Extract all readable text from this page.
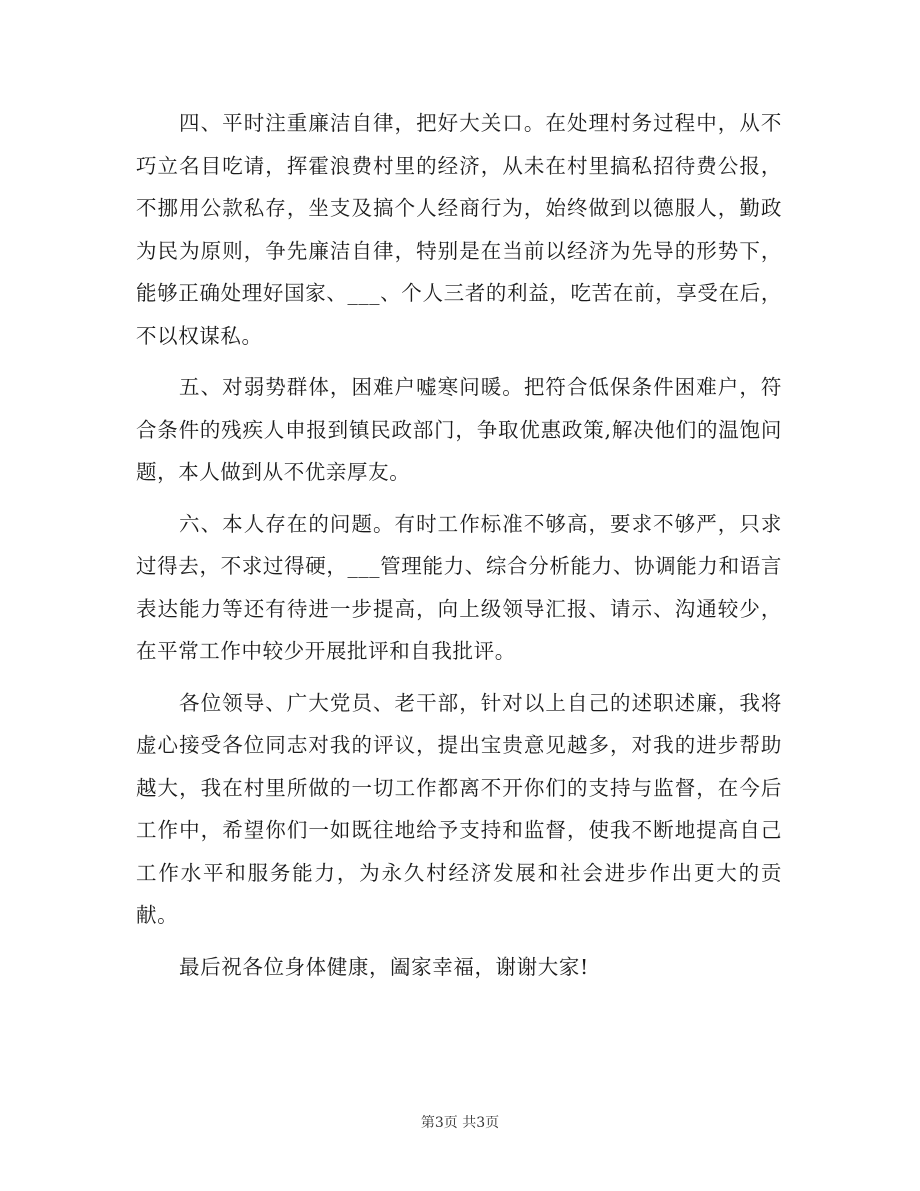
四、平时注重廉洁自律，把好大关口。在处理村务过程中，从不巧立名目吃请，挥霍浪费村里的经济，从未在村里搞私招待费公报，不挪用公款私存，坐支及搞个人经商行为，始终做到以德服人，勤政为民为原则，争先廉洁自律，特别是在当前以经济为先导的形势下，能够正确处理好国家、___、个人三者的利益，吃苦在前，享受在后，不以权谋私。

五、对弱势群体，困难户嘘寒问暖。把符合低保条件困难户，符合条件的残疾人申报到镇民政部门，争取优惠政策,解决他们的温饱问题，本人做到从不优亲厚友。

六、本人存在的问题。有时工作标准不够高，要求不够严，只求过得去，不求过得硬，___管理能力、综合分析能力、协调能力和语言表达能力等还有待进一步提高，向上级领导汇报、请示、沟通较少，在平常工作中较少开展批评和自我批评。

各位领导、广大党员、老干部，针对以上自己的述职述廉，我将虚心接受各位同志对我的评议，提出宝贵意见越多，对我的进步帮助越大，我在村里所做的一切工作都离不开你们的支持与监督，在今后工作中，希望你们一如既往地给予支持和监督，使我不断地提高自己工作水平和服务能力，为永久村经济发展和社会进步作出更大的贡献。

最后祝各位身体健康，阖家幸福，谢谢大家!

第3页 共3页
